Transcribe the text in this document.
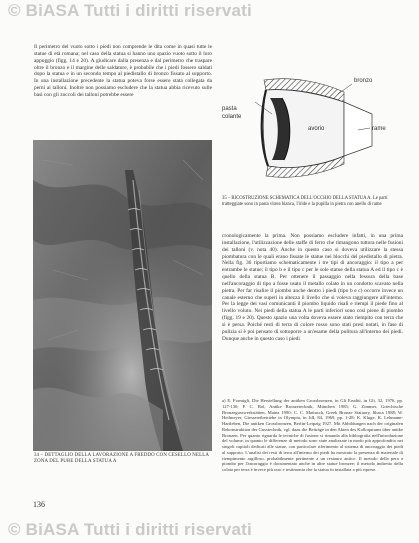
© BiASA Tutti i diritti riservati

Il perimetro del vuoto sotto i piedi non comprende le dita come in quasi tutte le statue di età romana; nel caso della statua si hanno uno spazio vuoto sotto il loro appoggio (figg. 14 e 20). A giudicare dalla presenza e dal perimetro che traspare oltre il bronzo e il margine delle saldature, è probabile che i piedi fossero saldati dopo la statua e in un secondo tempo al piedistallo di bronzo fissato al supporto. In una installazione precedente la statua poteva forse essere stata collegata da perni ai talloni. Inoltre non possiamo escludere che la statua abbia ricevuto sulle basi con gli zoccoli dei talloni potrebbe essere

34 – DETTAGLIO DELLA LAVORAZIONE A FREDDO CON CESELLO NELLA ZONA DEL PUBE DELLA STATUA A
136
pasta
colante
bronzo
avorio	rame
35 – RICOSTRUZIONE SCHEMATICA DELL'OCCHIO DELLA STATUA A. Le parti tratteggiate sono in pasta vitrea bianca, l'iride e la pupilla in pietra con anello di rame

cronologicamente la prima. Non possiamo escludere infatti, in una prima installazione, l'utilizzazione delle staffe di ferro che rimangono tuttora nelle fusioni dei talloni (v. nota 40). Anche in questo caso si doveva utilizzare la stessa piombatura con le quali erano fissate le statue nei blocchi del piedistallo di pietra. Nella fig. 36 riportiamo schematicamente i tre tipi di ancoraggio: il tipo a per entrambe le statue; il tipo b e il tipo c per le sole statue della statua A ed il tipo c è quello della statua B. Per ottenere il passaggio nella fessura della base nell'ancoraggio di tipo a fosse usato il metallo colato in un condotto scavato nella pietra. Per far risalire il piombo anche dentro i piedi (tipo b e c) occorre invece un canale esterno che superi in altezza il livello che si voleva raggiungere all'interno. Per la legge dei vasi comunicanti il piombo liquido risalì e riempì il piede fino al livello voluto. Nei piedi della statua A le parti inferiori sono così piene di piombo (figg. 19 e 20). Questo spazio una volta doveva essere stato riempito con terra che si è persa. Poiché resti di terra di colore rosso sono stati presi notati, in fase di pulizia si è poi pensato di sottoporre a un'esame della pulitura all'interno dei piedi. Dunque anche in questo caso i piedi

a) E. Formigli, Die Herstellung der antiken Grossbronzen, in Gli Eruditi, in Gli, 32, 1976, pp. 127-130; P. C. Bol, Antike Bronzetechnik, München 1985; G. Zimmer, Griechische Bronzegusswerkstätten, Mainz 1990; C. C. Mattusch, Greek Bronze Statuary, Ithaca 1988; W. Heilmeyer, Giessereibetriebe in Olympia, in JdI, 84, 1969, pp. 1-28; K. Kluge, K. Lehmann-Hartleben, Die antiken Grossbronzen, Berlin-Leipzig 1927. Mit Abbildungen nach der originalen Rekonstruktion der Gusstechnik, vgl. dazu die Beiträge in den Akten des Kolloquiums über antike Bronzen. Per quanto riguarda le tecniche di fusione si rimanda alla bibliografia nell'introduzione del volume, in quanto le differenze di metodo sono state analizzate in modo più approfondito nei singoli capitoli dedicati alle statue, con particolare riferimento al sistema di ancoraggio dei piedi al supporto. L'analisi dei resti di terra all'interno dei piedi ha mostrato la presenza di materiale di riempimento argilloso, probabilmente pertinente a un restauro antico. Il metodo della pera a piombo per l'ancoraggio è documentato anche in altre statue bronzee; il metodo indiretto della colata per terra è invece più raro e testimonia che la statua fu installata a più riprese.

© BiASA Tutti i diritti riservati
